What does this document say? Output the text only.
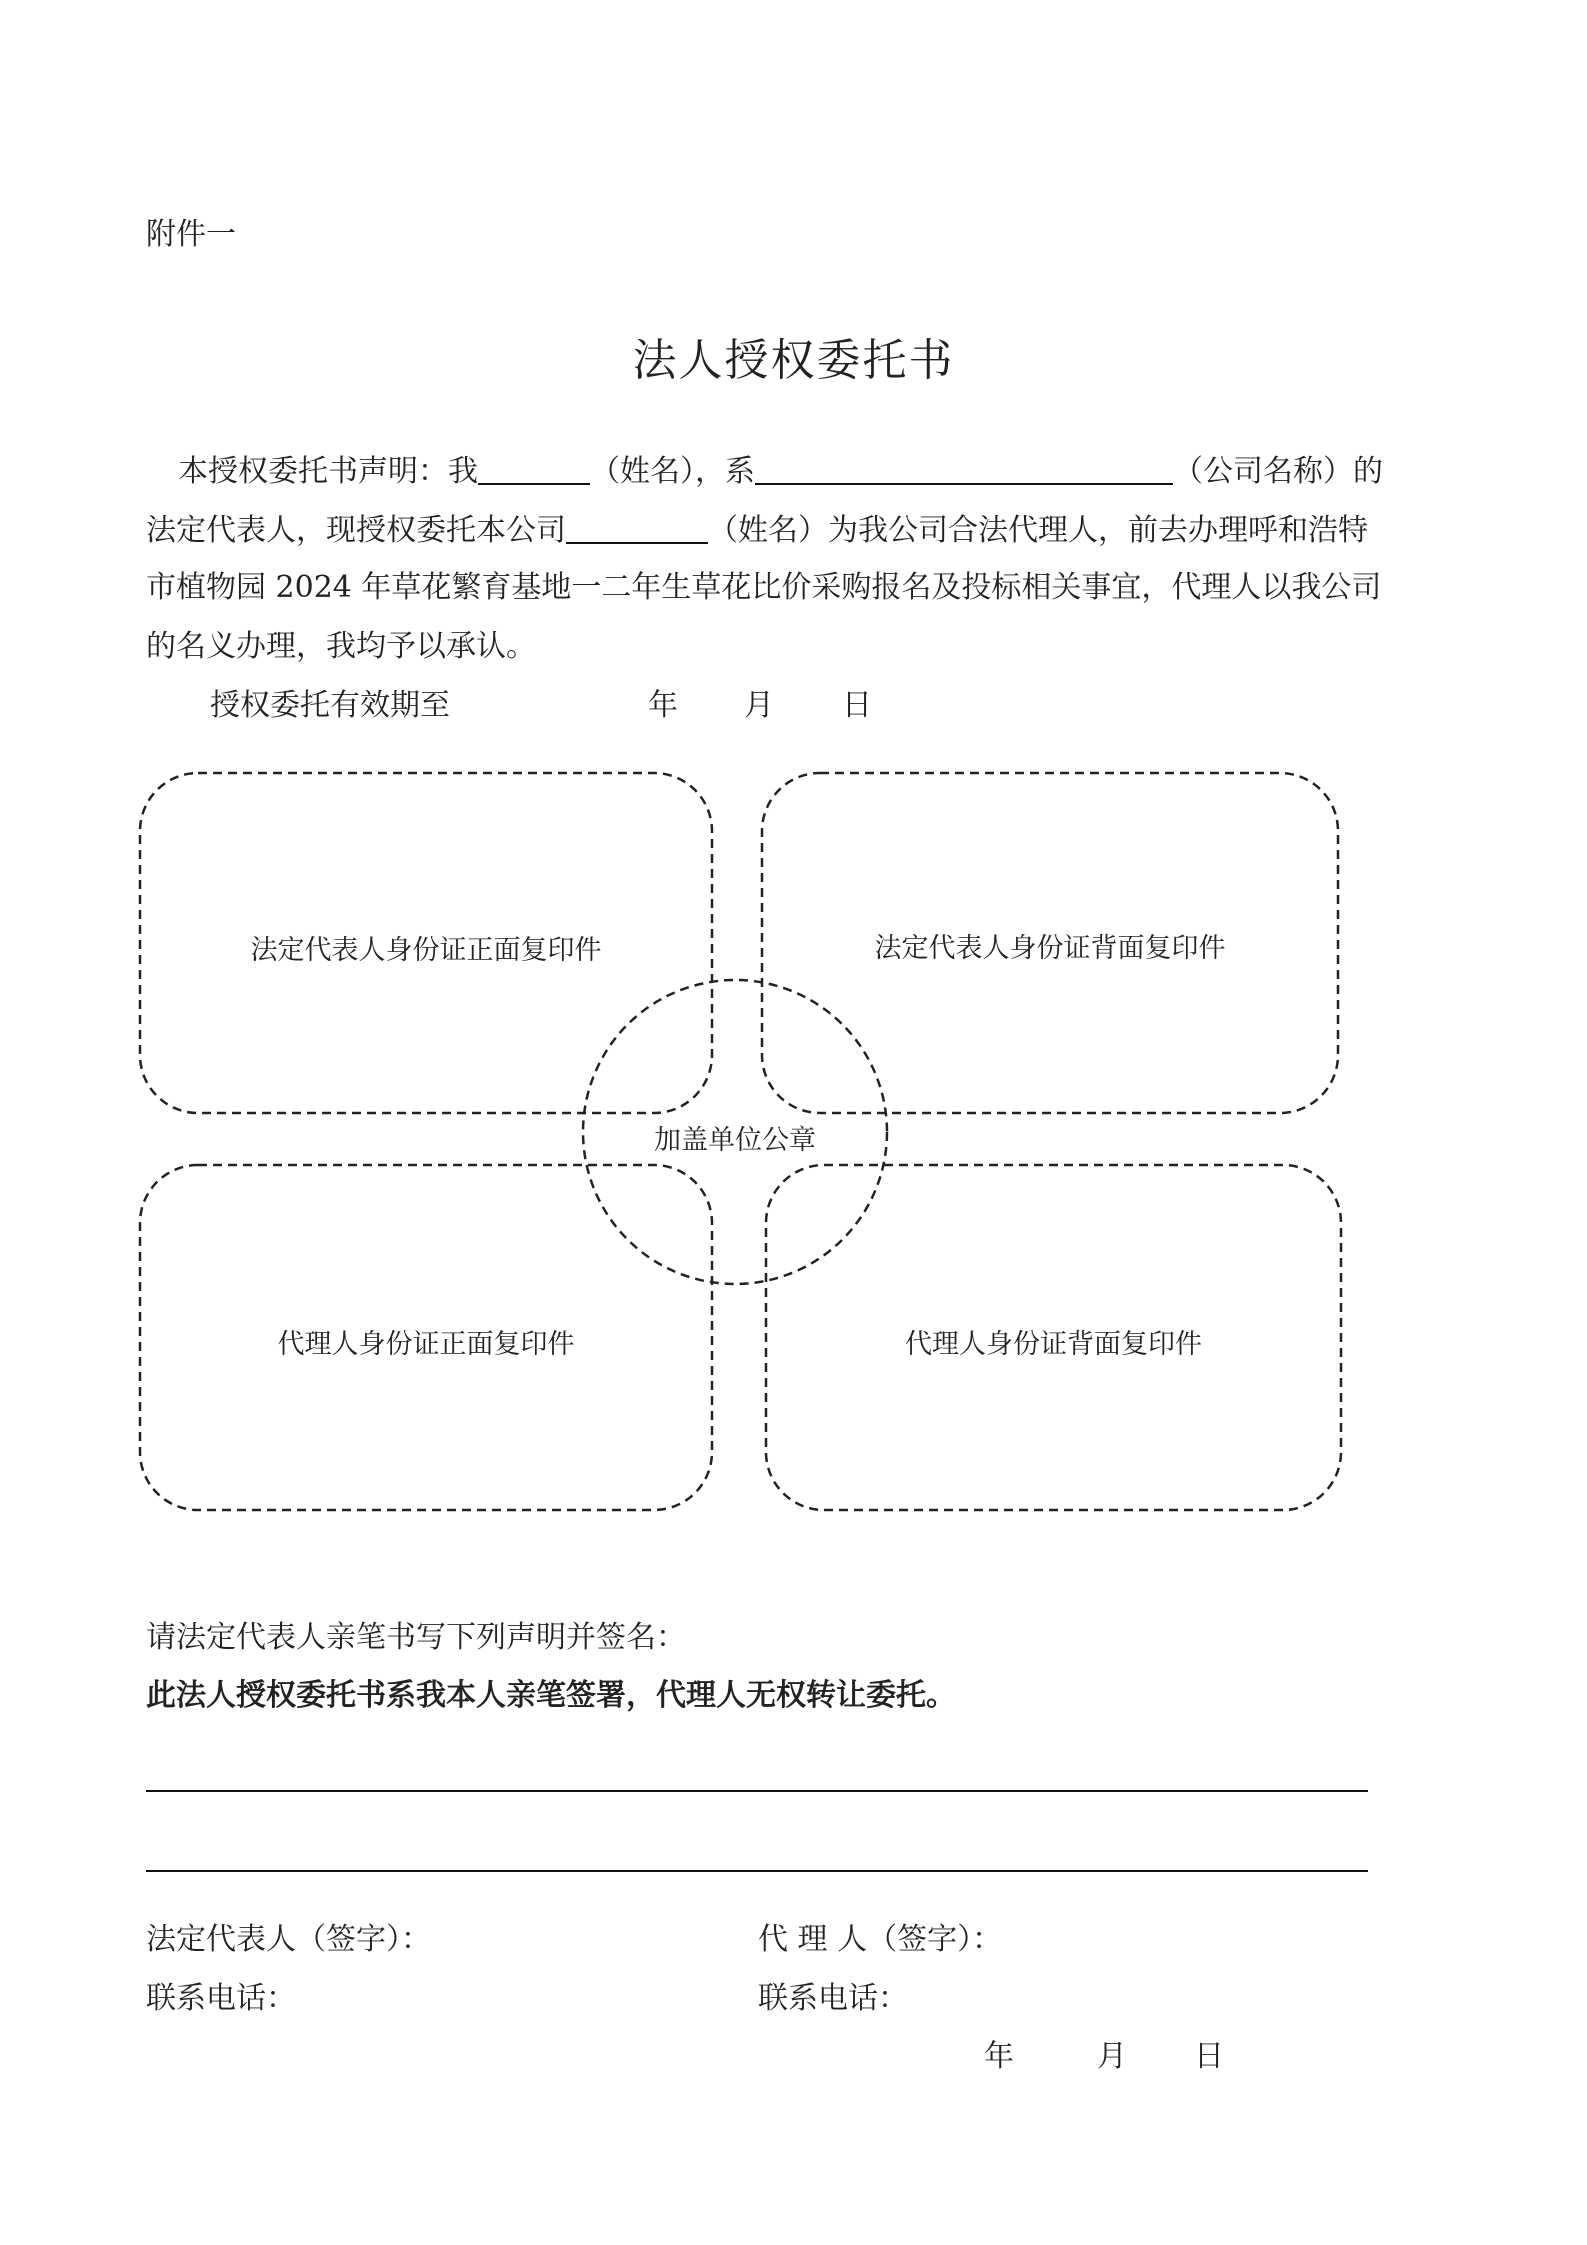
附件一
法人授权委托书
本授权委托书声明：我	（姓名），系	（公司名称）的
法定代表人，现授权委托本公司	（姓名）为我公司合法代理人，前去办理呼和浩特
市植物园 2024 年草花繁育基地一二年生草花比价采购报名及投标相关事宜，代理人以我公司
的名义办理，我均予以承认。
授权委托有效期至	年 月 日
法定代表人身份证正面复印件	法定代表人身份证背面复印件
加盖单位公章
代理人身份证正面复印件	代理人身份证背面复印件
请法定代表人亲笔书写下列声明并签名：
此法人授权委托书系我本人亲笔签署，代理人无权转让委托。
法定代表人（签字）：	代 理 人（签字）：
联系电话：	联系电话：
年	月 日
